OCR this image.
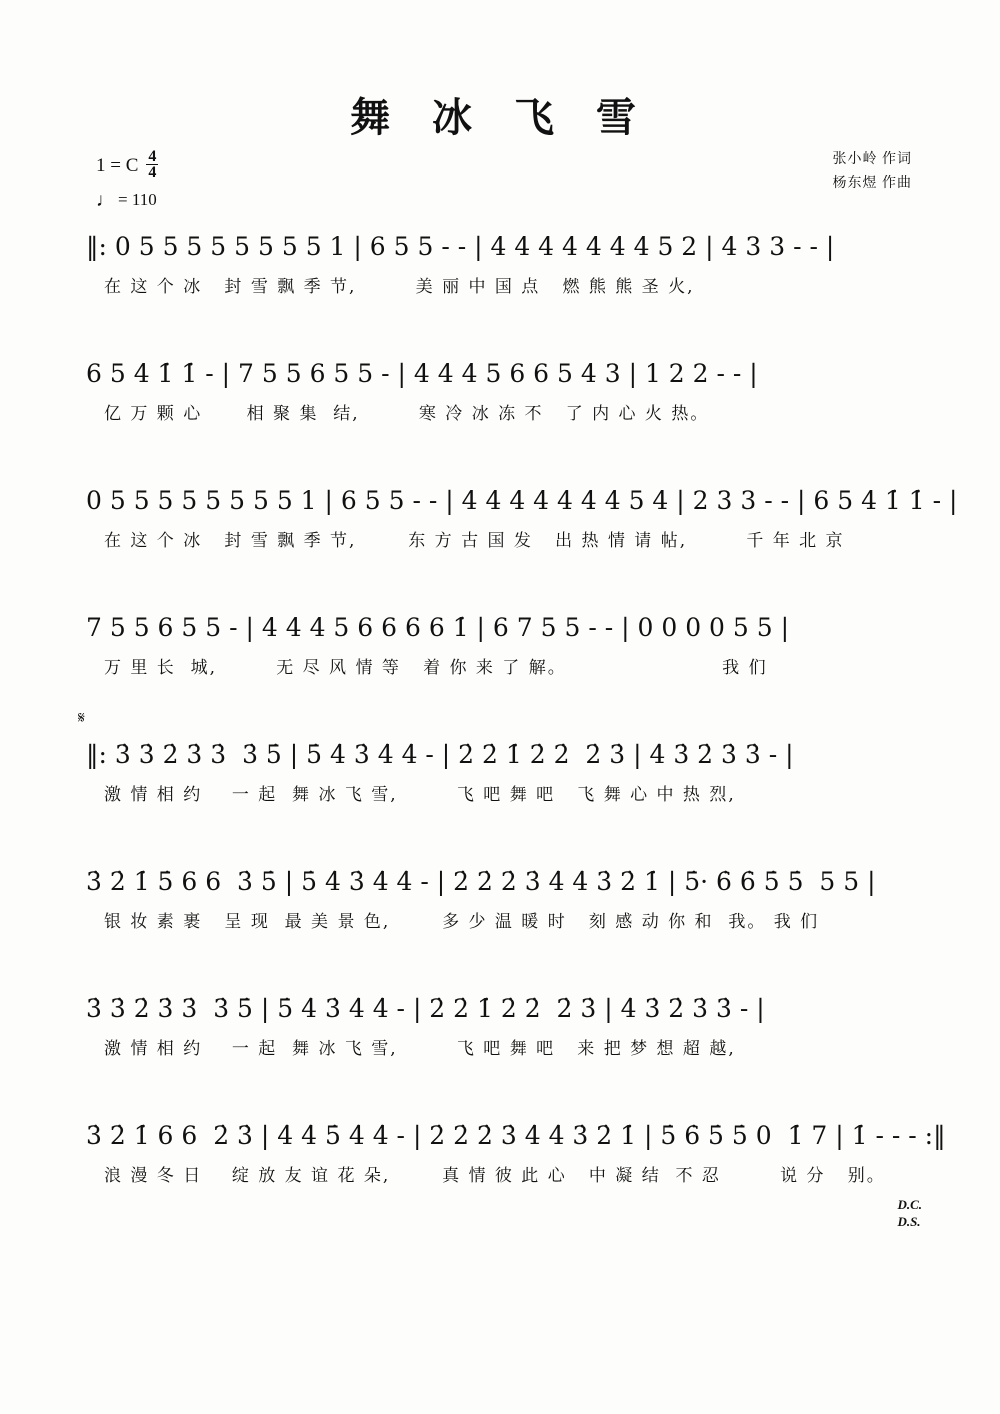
舞 冰 飞 雪
张小岭 作词
杨东煜 作曲
1 = C $\frac{4}{4}$
♩ = 110
‖: 0 5 5 5 5 5 5 5 5 1 | 6 5 5 - - | 4 4 4 4 4 4 4 5 2 | 4 3 3 - - |
在 这 个 冰   封 雪 飘 季 节,        美 丽 中 国 点   燃 熊 熊 圣 火,
6 5 4 1̇ 1̇ - | 7 5 5 6 5 5 - | 4 4 4 5 6 6 5 4 3 | 1 2 2 - - |
亿 万 颗 心      相 聚 集  结,        寒 冷 冰 冻 不   了 内 心 火 热。
0 5 5 5 5 5 5 5 5 1 | 6 5 5 - - | 4 4 4 4 4 4 4 5 4 | 2 3 3 - - | 6 5 4 1̇ 1̇ - |
在 这 个 冰   封 雪 飘 季 节,       东 方 古 国 发   出 热 情 请 帖,        千 年 北 京
7 5 5 6 5 5 - | 4 4 4 5 6 6 6 6 1̇ | 6 7 5 5 - - | 0 0 0 0 5 5 |
万 里 长  城,        无 尽 风 情 等   着 你 来 了 解。                     我 们
𝄋
‖: 3̇ 3̇ 2̇ 3̇ 3̇  3̇ 5̇ | 5̇ 4̇ 3̇ 4̇ 4̇ - | 2̇ 2̇ 1̇ 2̇ 2̇  2̇ 3̇ | 4̇ 3̇ 2̇ 3̇ 3̇ - |
激 情 相 约    一 起  舞 冰 飞 雪,        飞 吧 舞 吧   飞 舞 心 中 热 烈,
3̇ 2̇ 1̇ 5̇ 6 6  3̇ 5̇ | 5̇ 4̇ 3̇ 4̇ 4̇ - | 2̇ 2̇ 2̇ 3̇ 4̇ 4̇ 3̇ 2̇ 1̇ | 5̇· 6̇ 6̇ 5̇ 5̇  5 5 |
银 妆 素 裹   呈 现  最 美 景 色,       多 少 温 暖 时   刻 感 动 你 和  我。 我 们
3̇ 3̇ 2̇ 3̇ 3̇  3̇ 5̇ | 5̇ 4̇ 3̇ 4̇ 4̇ - | 2̇ 2̇ 1̇ 2̇ 2̇  2̇ 3̇ | 4̇ 3̇ 2̇ 3̇ 3̇ - |
激 情 相 约    一 起  舞 冰 飞 雪,        飞 吧 舞 吧   来 把 梦 想 超 越,
3̇ 2̇ 1̇ 6 6  2̇ 3̇ | 4̇ 4̇ 5̇ 4̇ 4̇ - | 2̇ 2̇ 2̇ 3̇ 4̇ 4̇ 3̇ 2̇ 1̇ | 5̇ 6̇ 5̇ 5̇ 0  1̇ 7 | 1̇ - - - :‖
浪 漫 冬 日    绽 放 友 谊 花 朵,       真 情 彼 此 心   中 凝 结  不 忍        说 分   别。
D.C.
D.S.
